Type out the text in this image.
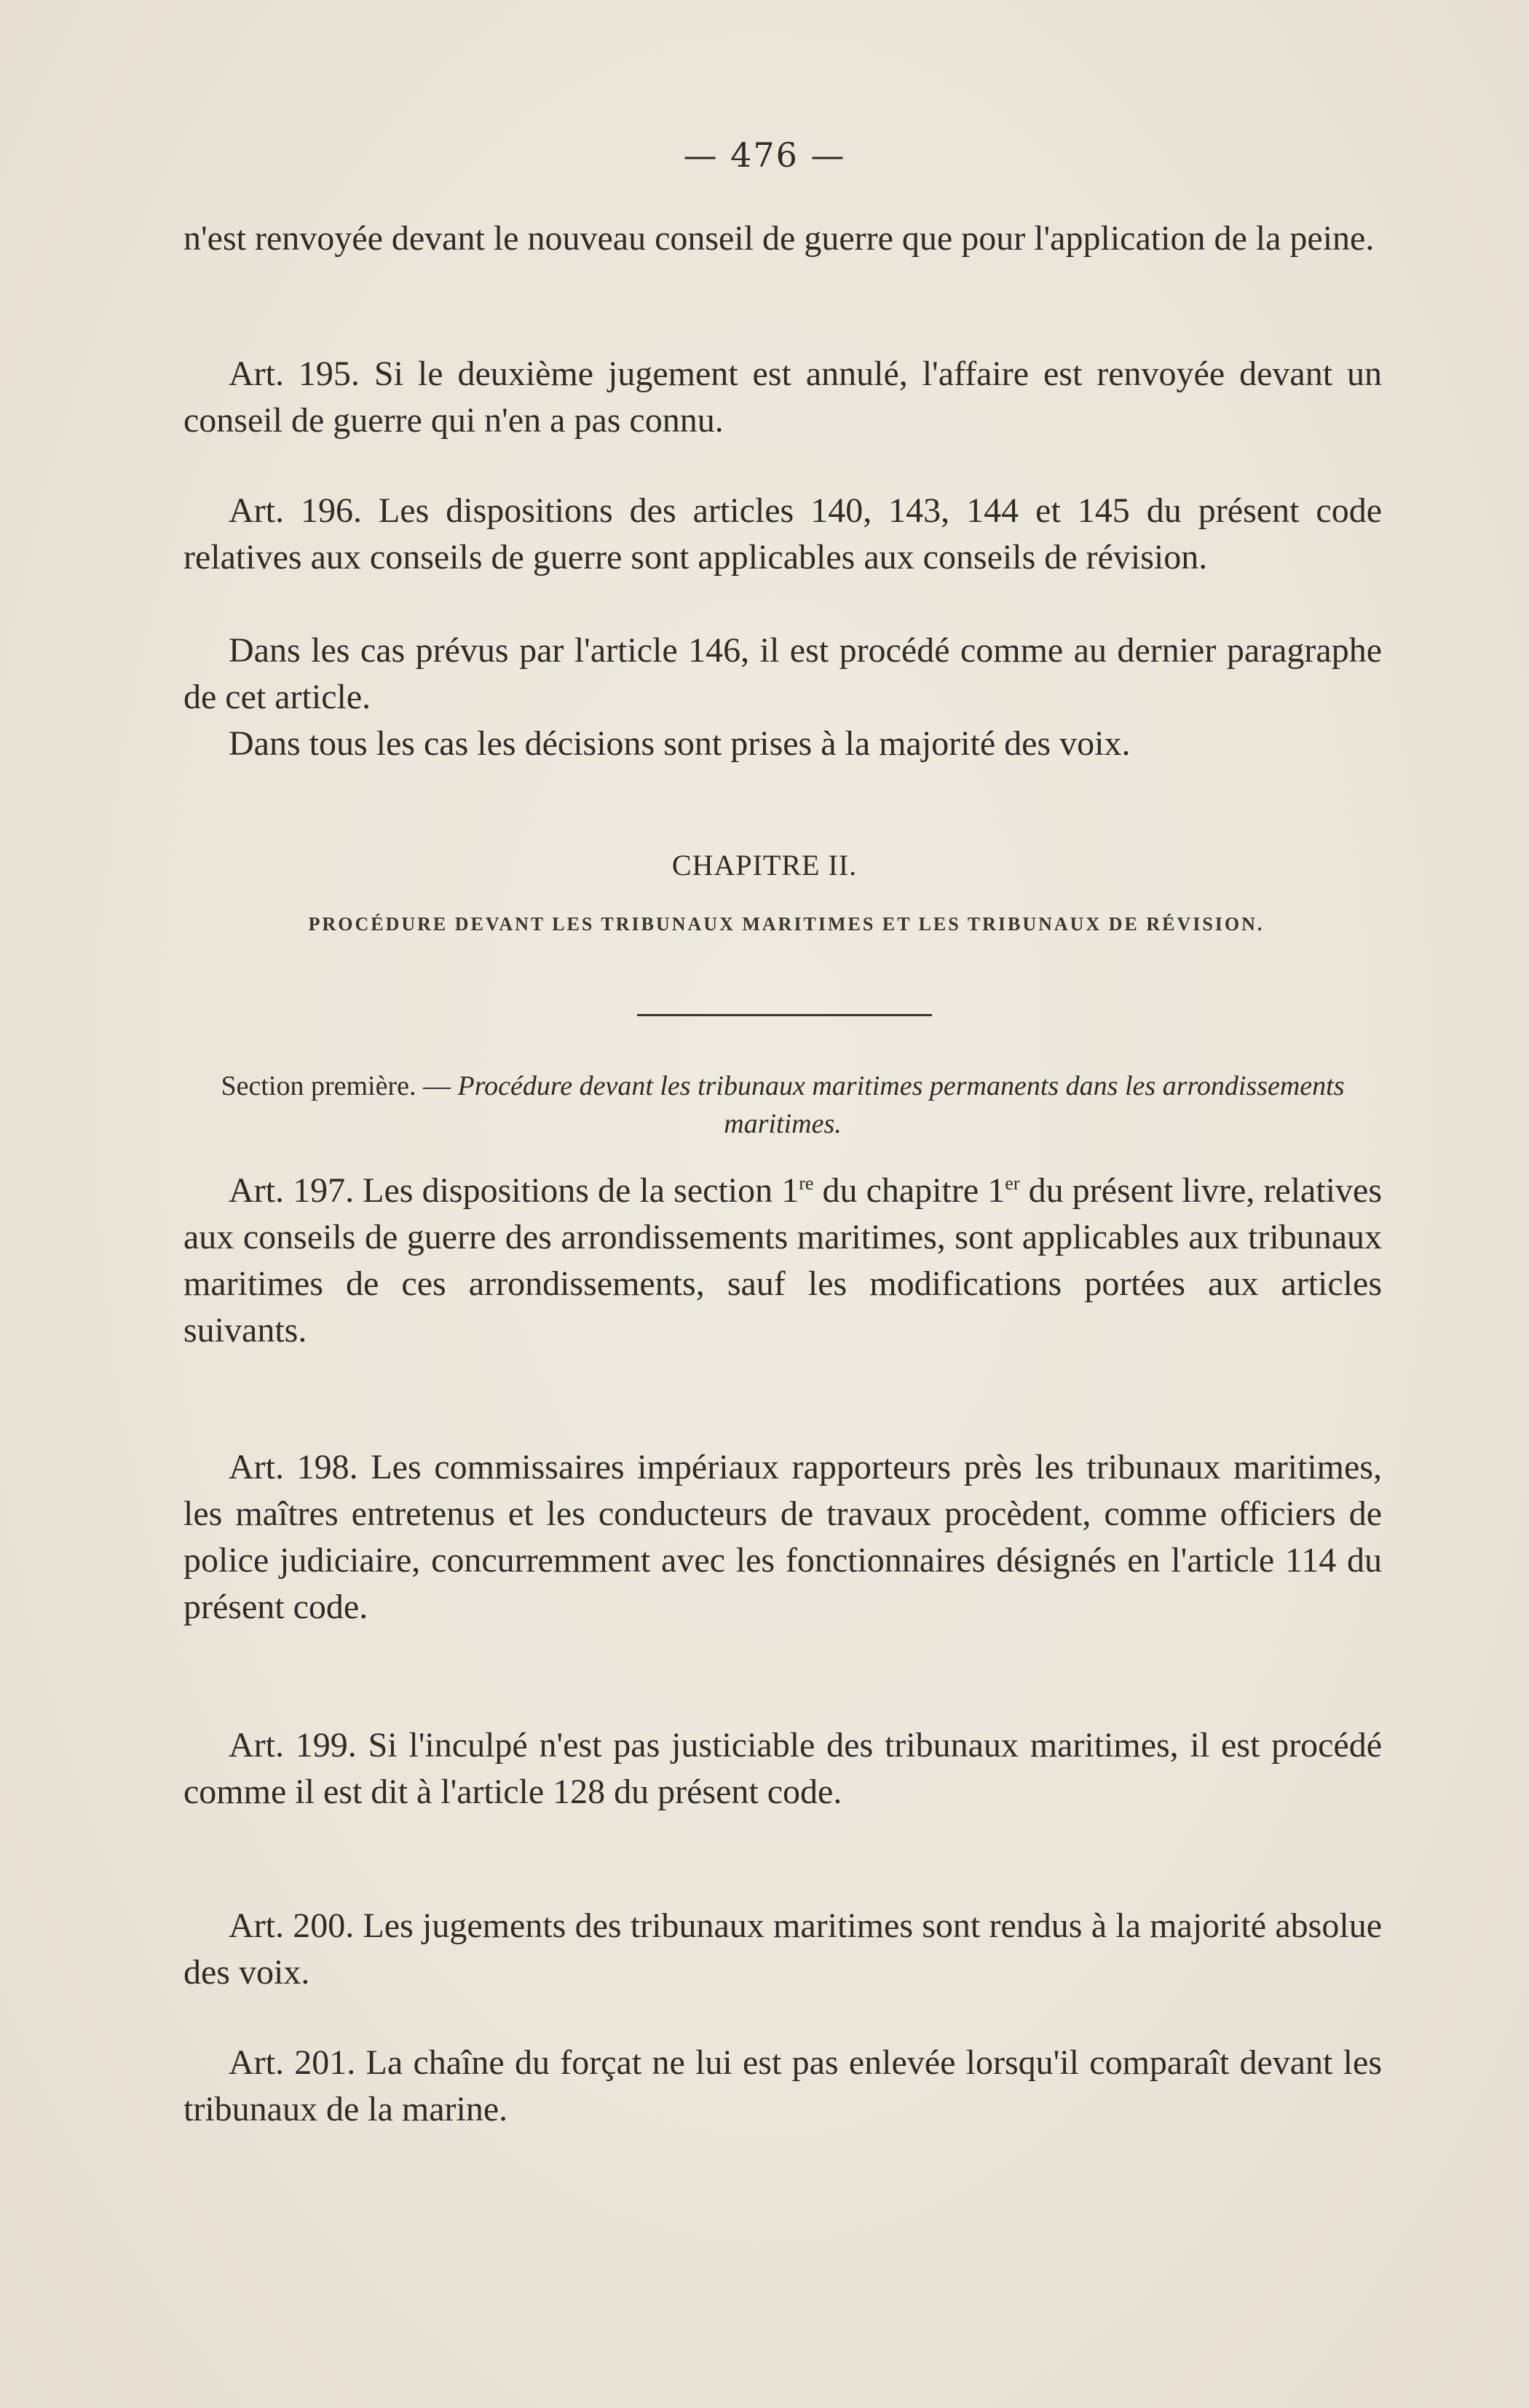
— 476 —

n'est renvoyée devant le nouveau conseil de guerre que pour l'application de la peine.

Art. 195. Si le deuxième jugement est annulé, l'affaire est renvoyée devant un conseil de guerre qui n'en a pas connu.

Art. 196. Les dispositions des articles 140, 143, 144 et 145 du présent code relatives aux conseils de guerre sont applicables aux conseils de révision.

Dans les cas prévus par l'article 146, il est procédé comme au dernier paragraphe de cet article.

Dans tous les cas les décisions sont prises à la majorité des voix.

CHAPITRE II.
PROCÉDURE DEVANT LES TRIBUNAUX MARITIMES ET LES TRIBUNAUX DE RÉVISION.
Section première. — Procédure devant les tribunaux maritimes permanents dans les arrondissements maritimes.

Art. 197. Les dispositions de la section 1re du chapitre 1er du présent livre, relatives aux conseils de guerre des arrondissements maritimes, sont applicables aux tribunaux maritimes de ces arrondissements, sauf les modifications portées aux articles suivants.

Art. 198. Les commissaires impériaux rapporteurs près les tribunaux maritimes, les maîtres entretenus et les conducteurs de travaux procèdent, comme officiers de police judiciaire, concurremment avec les fonctionnaires désignés en l'article 114 du présent code.

Art. 199. Si l'inculpé n'est pas justiciable des tribunaux maritimes, il est procédé comme il est dit à l'article 128 du présent code.

Art. 200. Les jugements des tribunaux maritimes sont rendus à la majorité absolue des voix.

Art. 201. La chaîne du forçat ne lui est pas enlevée lorsqu'il comparaît devant les tribunaux de la marine.
